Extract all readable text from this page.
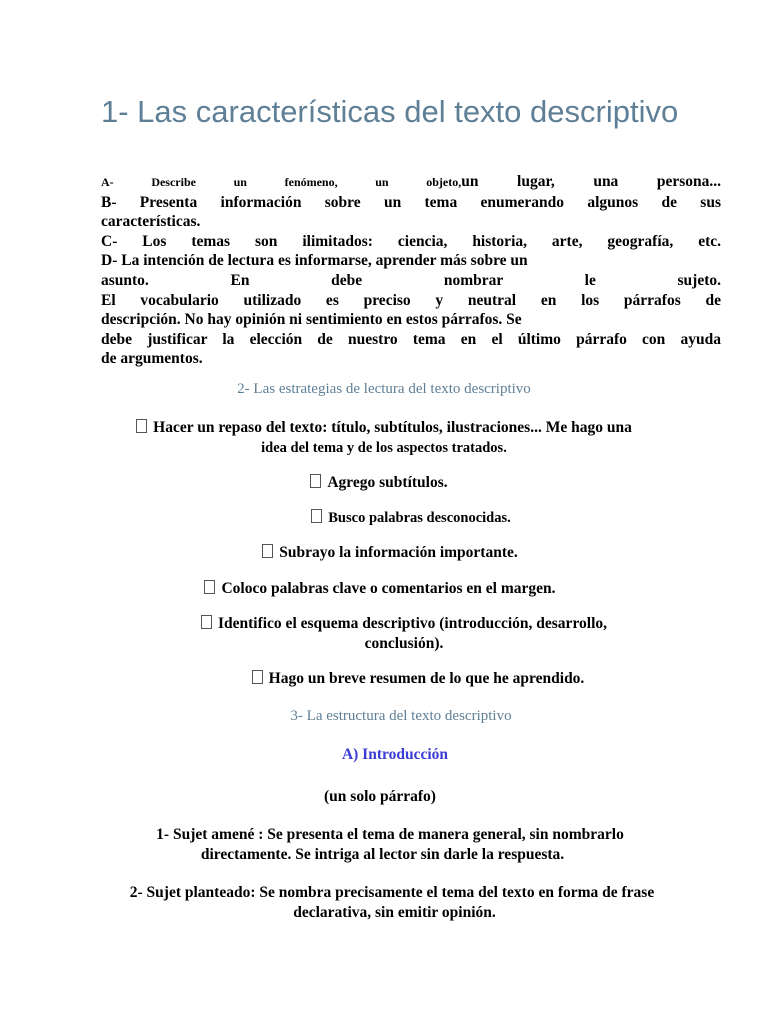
1- Las características del texto descriptivo
A- Describe un fenómeno, un objeto,un lugar, una persona...
B- Presenta información sobre un tema enumerando algunos de sus
características.
C- Los temas son ilimitados: ciencia, historia, arte, geografía, etc.
D- La intención de lectura es informarse, aprender más sobre un
asunto. En debe nombrar le sujeto.
El vocabulario utilizado es preciso y neutral en los párrafos de
descripción. No hay opinión ni sentimiento en estos párrafos. Se
debe justificar la elección de nuestro tema en el último párrafo con ayuda
de argumentos.
2- Las estrategias de lectura del texto descriptivo
Hacer un repaso del texto: título, subtítulos, ilustraciones... Me hago una
idea del tema y de los aspectos tratados.
Agrego subtítulos.
Busco palabras desconocidas.
Subrayo la información importante.
Coloco palabras clave o comentarios en el margen.
Identifico el esquema descriptivo (introducción, desarrollo,
conclusión).
Hago un breve resumen de lo que he aprendido.
3- La estructura del texto descriptivo
A) Introducción
(un solo párrafo)
1- Sujet amené : Se presenta el tema de manera general, sin nombrarlo
directamente. Se intriga al lector sin darle la respuesta.
2- Sujet planteado: Se nombra precisamente el tema del texto en forma de frase
declarativa, sin emitir opinión.
